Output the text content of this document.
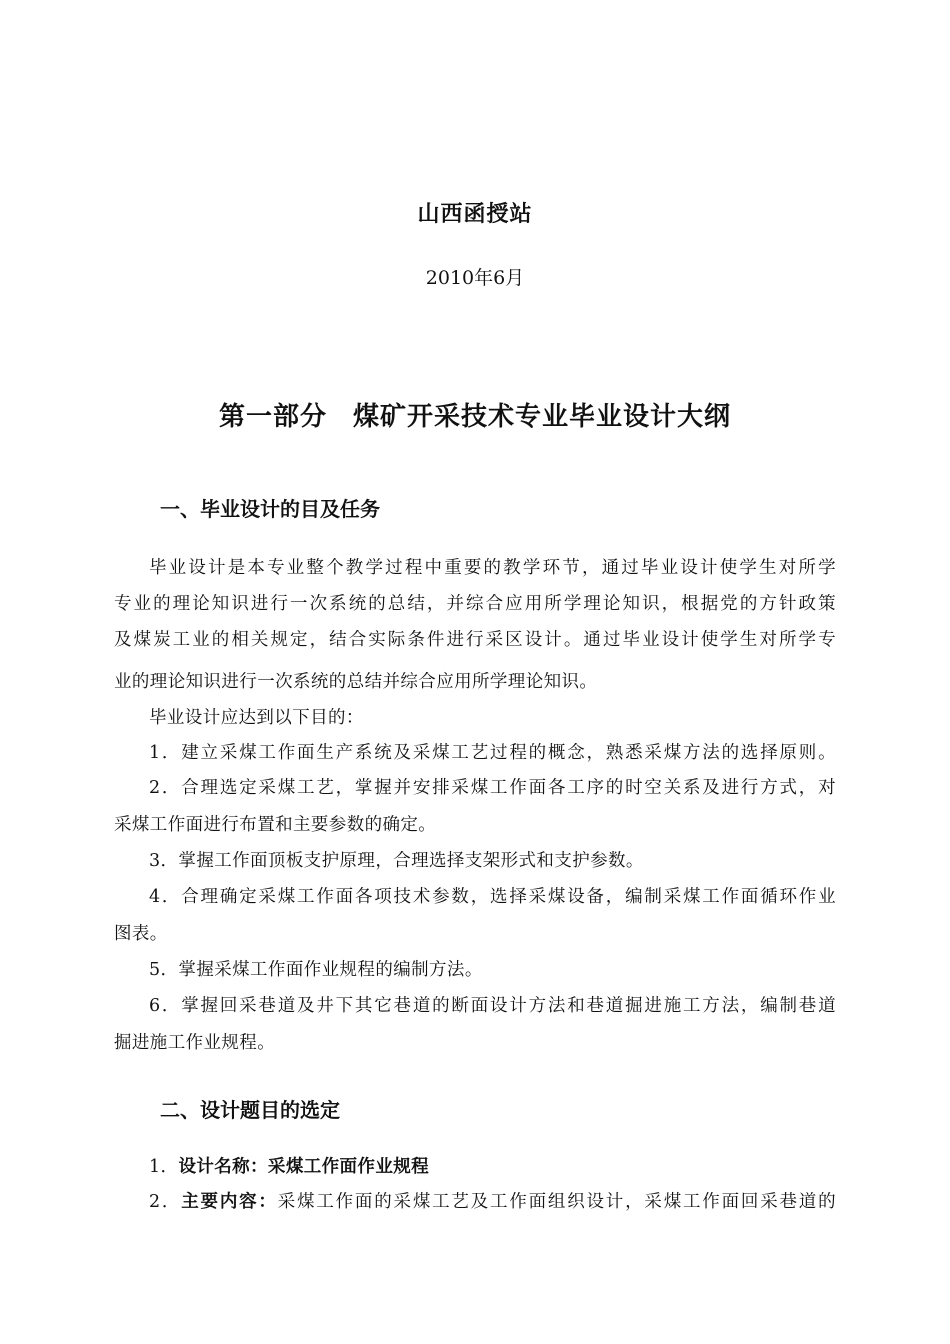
山西函授站
2010年6月
第一部分 煤矿开采技术专业毕业设计大纲
一、毕业设计的目及任务
毕业设计是本专业整个教学过程中重要的教学环节，通过毕业设计使学生对所学
专业的理论知识进行一次系统的总结，并综合应用所学理论知识，根据党的方针政策
及煤炭工业的相关规定，结合实际条件进行采区设计。通过毕业设计使学生对所学专
业的理论知识进行一次系统的总结并综合应用所学理论知识。
毕业设计应达到以下目的：
1．建立采煤工作面生产系统及采煤工艺过程的概念，熟悉采煤方法的选择原则。
2．合理选定采煤工艺，掌握并安排采煤工作面各工序的时空关系及进行方式，对
采煤工作面进行布置和主要参数的确定。
3．掌握工作面顶板支护原理，合理选择支架形式和支护参数。
4．合理确定采煤工作面各项技术参数，选择采煤设备，编制采煤工作面循环作业
图表。
5．掌握采煤工作面作业规程的编制方法。
6．掌握回采巷道及井下其它巷道的断面设计方法和巷道掘进施工方法，编制巷道
掘进施工作业规程。
二、设计题目的选定
1．设计名称：采煤工作面作业规程
2．主要内容：采煤工作面的采煤工艺及工作面组织设计，采煤工作面回采巷道的
